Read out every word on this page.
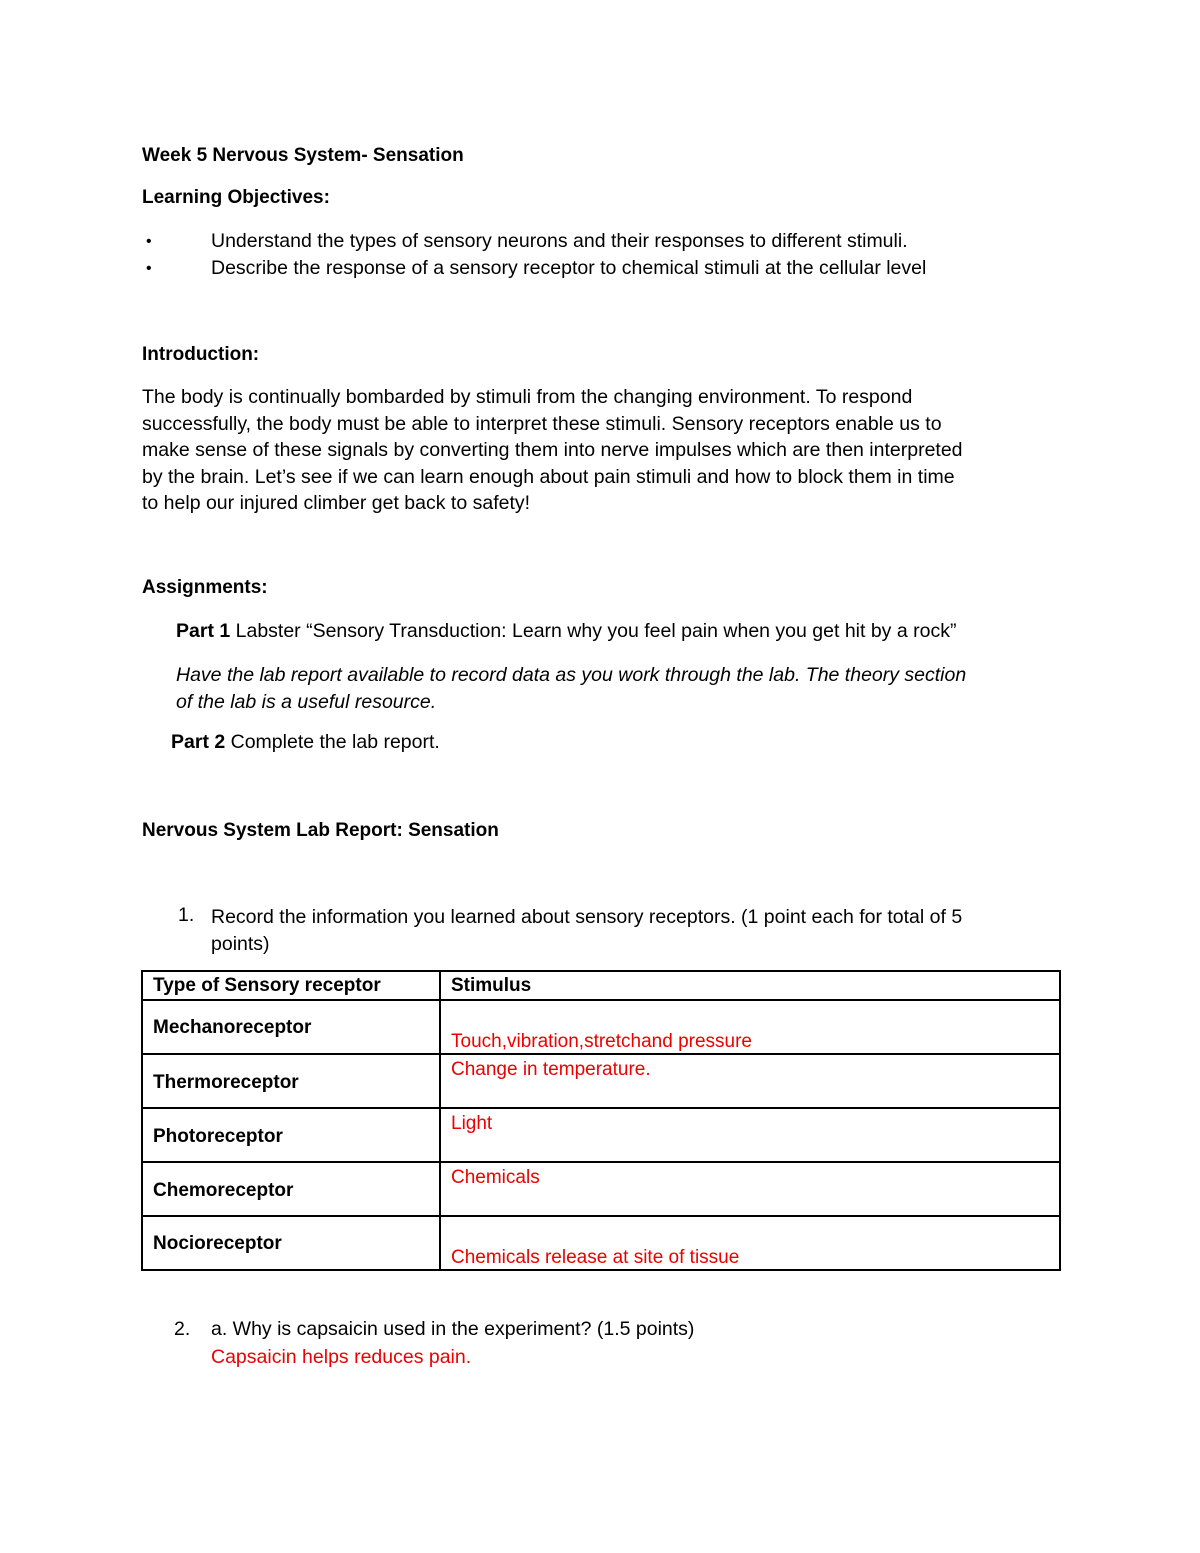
Week 5 Nervous System- Sensation
Learning Objectives:
•	Understand the types of sensory neurons and their responses to different stimuli.
•	Describe the response of a sensory receptor to chemical stimuli at the cellular level
Introduction:
The body is continually bombarded by stimuli from the changing environment. To respond
successfully, the body must be able to interpret these stimuli. Sensory receptors enable us to
make sense of these signals by converting them into nerve impulses which are then interpreted
by the brain. Let’s see if we can learn enough about pain stimuli and how to block them in time
to help our injured climber get back to safety!
Assignments:
Part 1 Labster “Sensory Transduction: Learn why you feel pain when you get hit by a rock”
Have the lab report available to record data as you work through the lab. The theory section
of the lab is a useful resource.
Part 2 Complete the lab report.
Nervous System Lab Report: Sensation
1. Record the information you learned about sensory receptors. (1 point each for total of 5
points)
Type of Sensory receptor	Stimulus

Mechanoreceptor	Touch,vibration,stretchand pressure

Thermoreceptor	Change in temperature.

Photoreceptor	Light

Chemoreceptor	Chemicals

Nocioreceptor	Chemicals release at site of tissue
2. a. Why is capsaicin used in the experiment? (1.5 points)
Capsaicin helps reduces pain.
